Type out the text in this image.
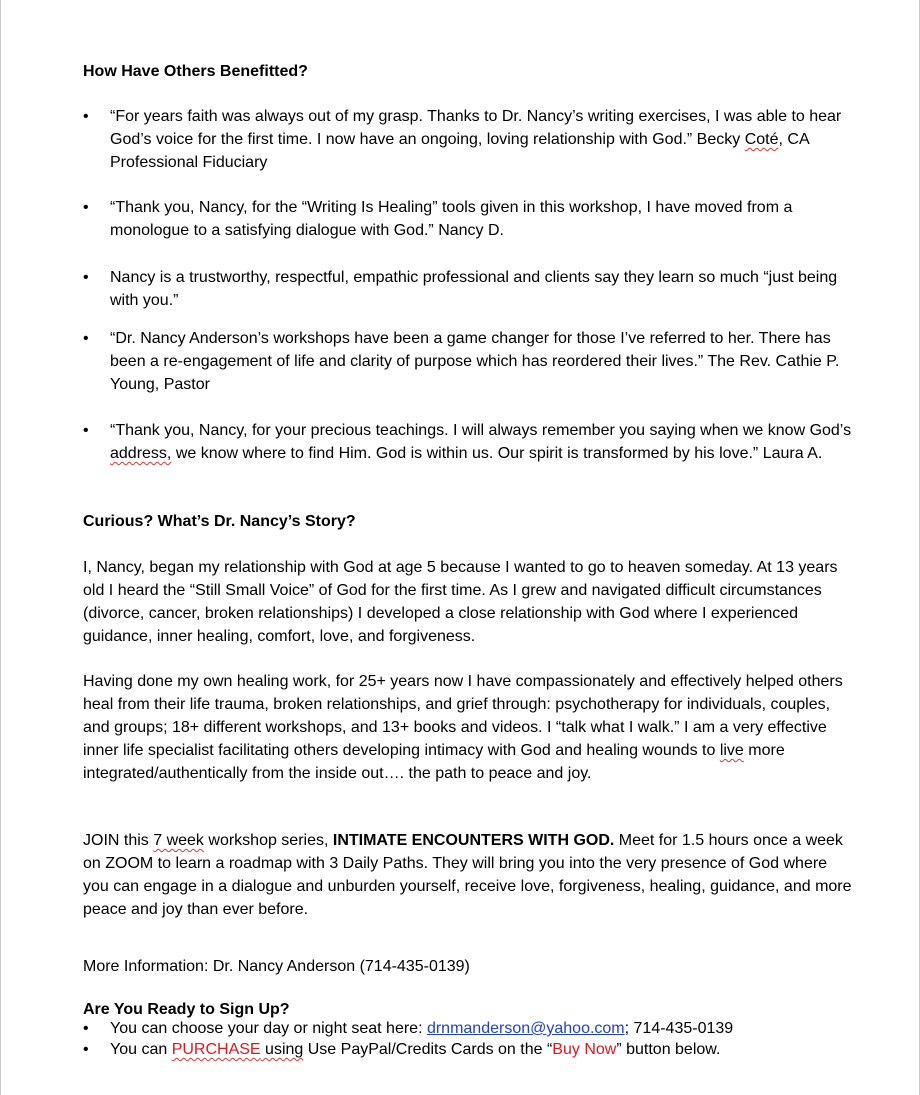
How Have Others Benefitted?
• “For years faith was always out of my grasp. Thanks to Dr. Nancy’s writing exercises, I was able to hear God’s voice for the first time. I now have an ongoing, loving relationship with God.” Becky Coté, CA Professional Fiduciary
• “Thank you, Nancy, for the “Writing Is Healing” tools given in this workshop, I have moved from a monologue to a satisfying dialogue with God.” Nancy D.
• Nancy is a trustworthy, respectful, empathic professional and clients say they learn so much “just being with you.”
• “Dr. Nancy Anderson’s workshops have been a game changer for those I’ve referred to her. There has been a re-engagement of life and clarity of purpose which has reordered their lives.” The Rev. Cathie P. Young, Pastor
• “Thank you, Nancy, for your precious teachings. I will always remember you saying when we know God’s address, we know where to find Him. God is within us. Our spirit is transformed by his love.” Laura A.
Curious? What’s Dr. Nancy’s Story?
I, Nancy, began my relationship with God at age 5 because I wanted to go to heaven someday. At 13 years old I heard the “Still Small Voice” of God for the first time. As I grew and navigated difficult circumstances (divorce, cancer, broken relationships) I developed a close relationship with God where I experienced guidance, inner healing, comfort, love, and forgiveness.
Having done my own healing work, for 25+ years now I have compassionately and effectively helped others heal from their life trauma, broken relationships, and grief through: psychotherapy for individuals, couples, and groups; 18+ different workshops, and 13+ books and videos. I “talk what I walk.” I am a very effective inner life specialist facilitating others developing intimacy with God and healing wounds to live more integrated/authentically from the inside out…. the path to peace and joy.
JOIN this 7 week workshop series, INTIMATE ENCOUNTERS WITH GOD. Meet for 1.5 hours once a week on ZOOM to learn a roadmap with 3 Daily Paths. They will bring you into the very presence of God where you can engage in a dialogue and unburden yourself, receive love, forgiveness, healing, guidance, and more peace and joy than ever before.
More Information: Dr. Nancy Anderson (714-435-0139)
Are You Ready to Sign Up?
• You can choose your day or night seat here: drnmanderson@yahoo.com; 714-435-0139
• You can PURCHASE using Use PayPal/Credits Cards on the “Buy Now” button below.
